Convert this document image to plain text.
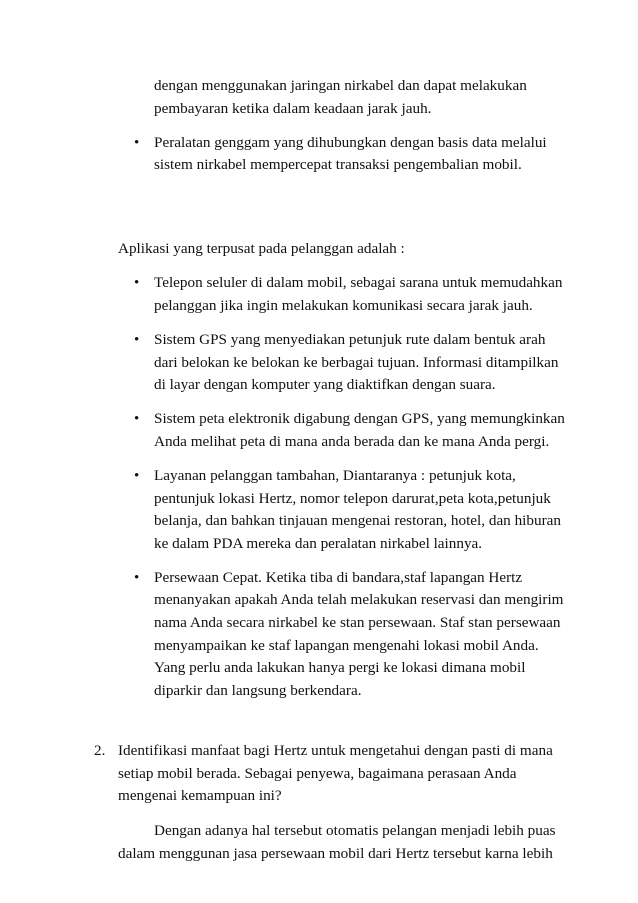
dengan menggunakan jaringan nirkabel dan dapat melakukan
pembayaran ketika dalam keadaan jarak jauh.
• Peralatan genggam yang dihubungkan dengan basis data melalui
sistem nirkabel mempercepat transaksi pengembalian mobil.
Aplikasi yang terpusat pada pelanggan adalah :
• Telepon seluler di dalam mobil, sebagai sarana untuk memudahkan
pelanggan jika ingin melakukan komunikasi secara jarak jauh.
• Sistem GPS yang menyediakan petunjuk rute dalam bentuk arah
dari belokan ke belokan ke berbagai tujuan. Informasi ditampilkan
di layar dengan komputer yang diaktifkan dengan suara.
• Sistem peta elektronik digabung dengan GPS, yang memungkinkan
Anda melihat peta di mana anda berada dan ke mana Anda pergi.
• Layanan pelanggan tambahan, Diantaranya : petunjuk kota,
pentunjuk lokasi Hertz, nomor telepon darurat,peta kota,petunjuk
belanja, dan bahkan tinjauan mengenai restoran, hotel, dan hiburan
ke dalam PDA mereka dan peralatan nirkabel lainnya.
• Persewaan Cepat. Ketika tiba di bandara,staf lapangan Hertz
menanyakan apakah Anda telah melakukan reservasi dan mengirim
nama Anda secara nirkabel ke stan persewaan. Staf stan persewaan
menyampaikan ke staf lapangan mengenahi lokasi mobil Anda.
Yang perlu anda lakukan hanya pergi ke lokasi dimana mobil
diparkir dan langsung berkendara.
2. Identifikasi manfaat bagi Hertz untuk mengetahui dengan pasti di mana
setiap mobil berada. Sebagai penyewa, bagaimana perasaan Anda
mengenai kemampuan ini?
Dengan adanya hal tersebut otomatis pelangan menjadi lebih puas
dalam menggunan jasa persewaan mobil dari Hertz tersebut karna lebih
